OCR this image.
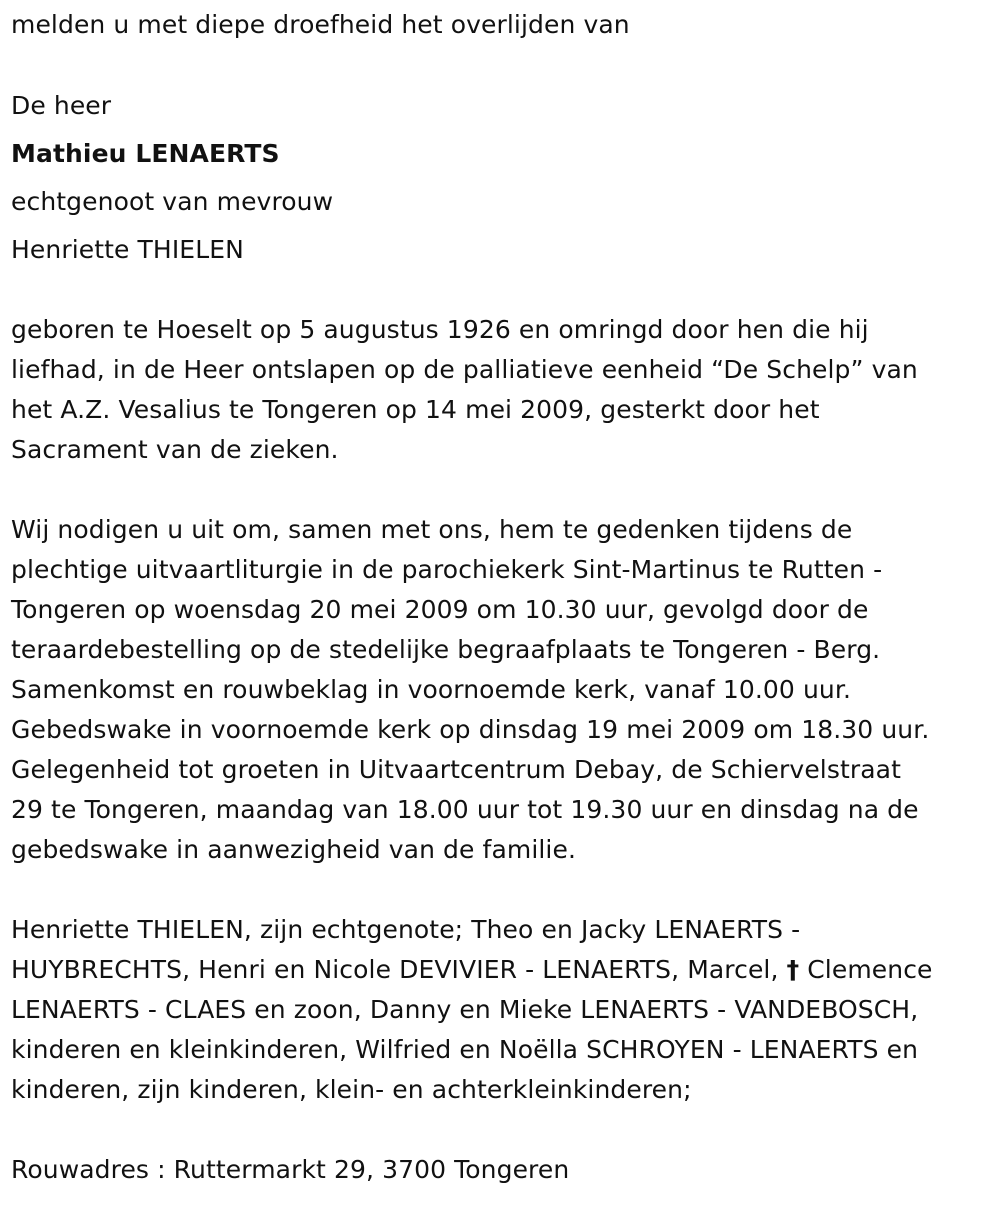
melden u met diepe droefheid het overlijden van
De heer
Mathieu LENAERTS
echtgenoot van mevrouw
Henriette THIELEN
geboren te Hoeselt op 5 augustus 1926 en omringd door hen die hij
liefhad, in de Heer ontslapen op de palliatieve eenheid “De Schelp” van
het A.Z. Vesalius te Tongeren op 14 mei 2009, gesterkt door het
Sacrament van de zieken.
Wij nodigen u uit om, samen met ons, hem te gedenken tijdens de
plechtige uitvaartliturgie in de parochiekerk Sint-Martinus te Rutten -
Tongeren op woensdag 20 mei 2009 om 10.30 uur, gevolgd door de
teraardebestelling op de stedelijke begraafplaats te Tongeren - Berg.
Samenkomst en rouwbeklag in voornoemde kerk, vanaf 10.00 uur.
Gebedswake in voornoemde kerk op dinsdag 19 mei 2009 om 18.30 uur.
Gelegenheid tot groeten in Uitvaartcentrum Debay, de Schiervelstraat
29 te Tongeren, maandag van 18.00 uur tot 19.30 uur en dinsdag na de
gebedswake in aanwezigheid van de familie.
Henriette THIELEN, zijn echtgenote; Theo en Jacky LENAERTS -
HUYBRECHTS, Henri en Nicole DEVIVIER - LENAERTS, Marcel, † Clemence
LENAERTS - CLAES en zoon, Danny en Mieke LENAERTS - VANDEBOSCH,
kinderen en kleinkinderen, Wilfried en Noëlla SCHROYEN - LENAERTS en
kinderen, zijn kinderen, klein- en achterkleinkinderen;
Rouwadres : Ruttermarkt 29, 3700 Tongeren
